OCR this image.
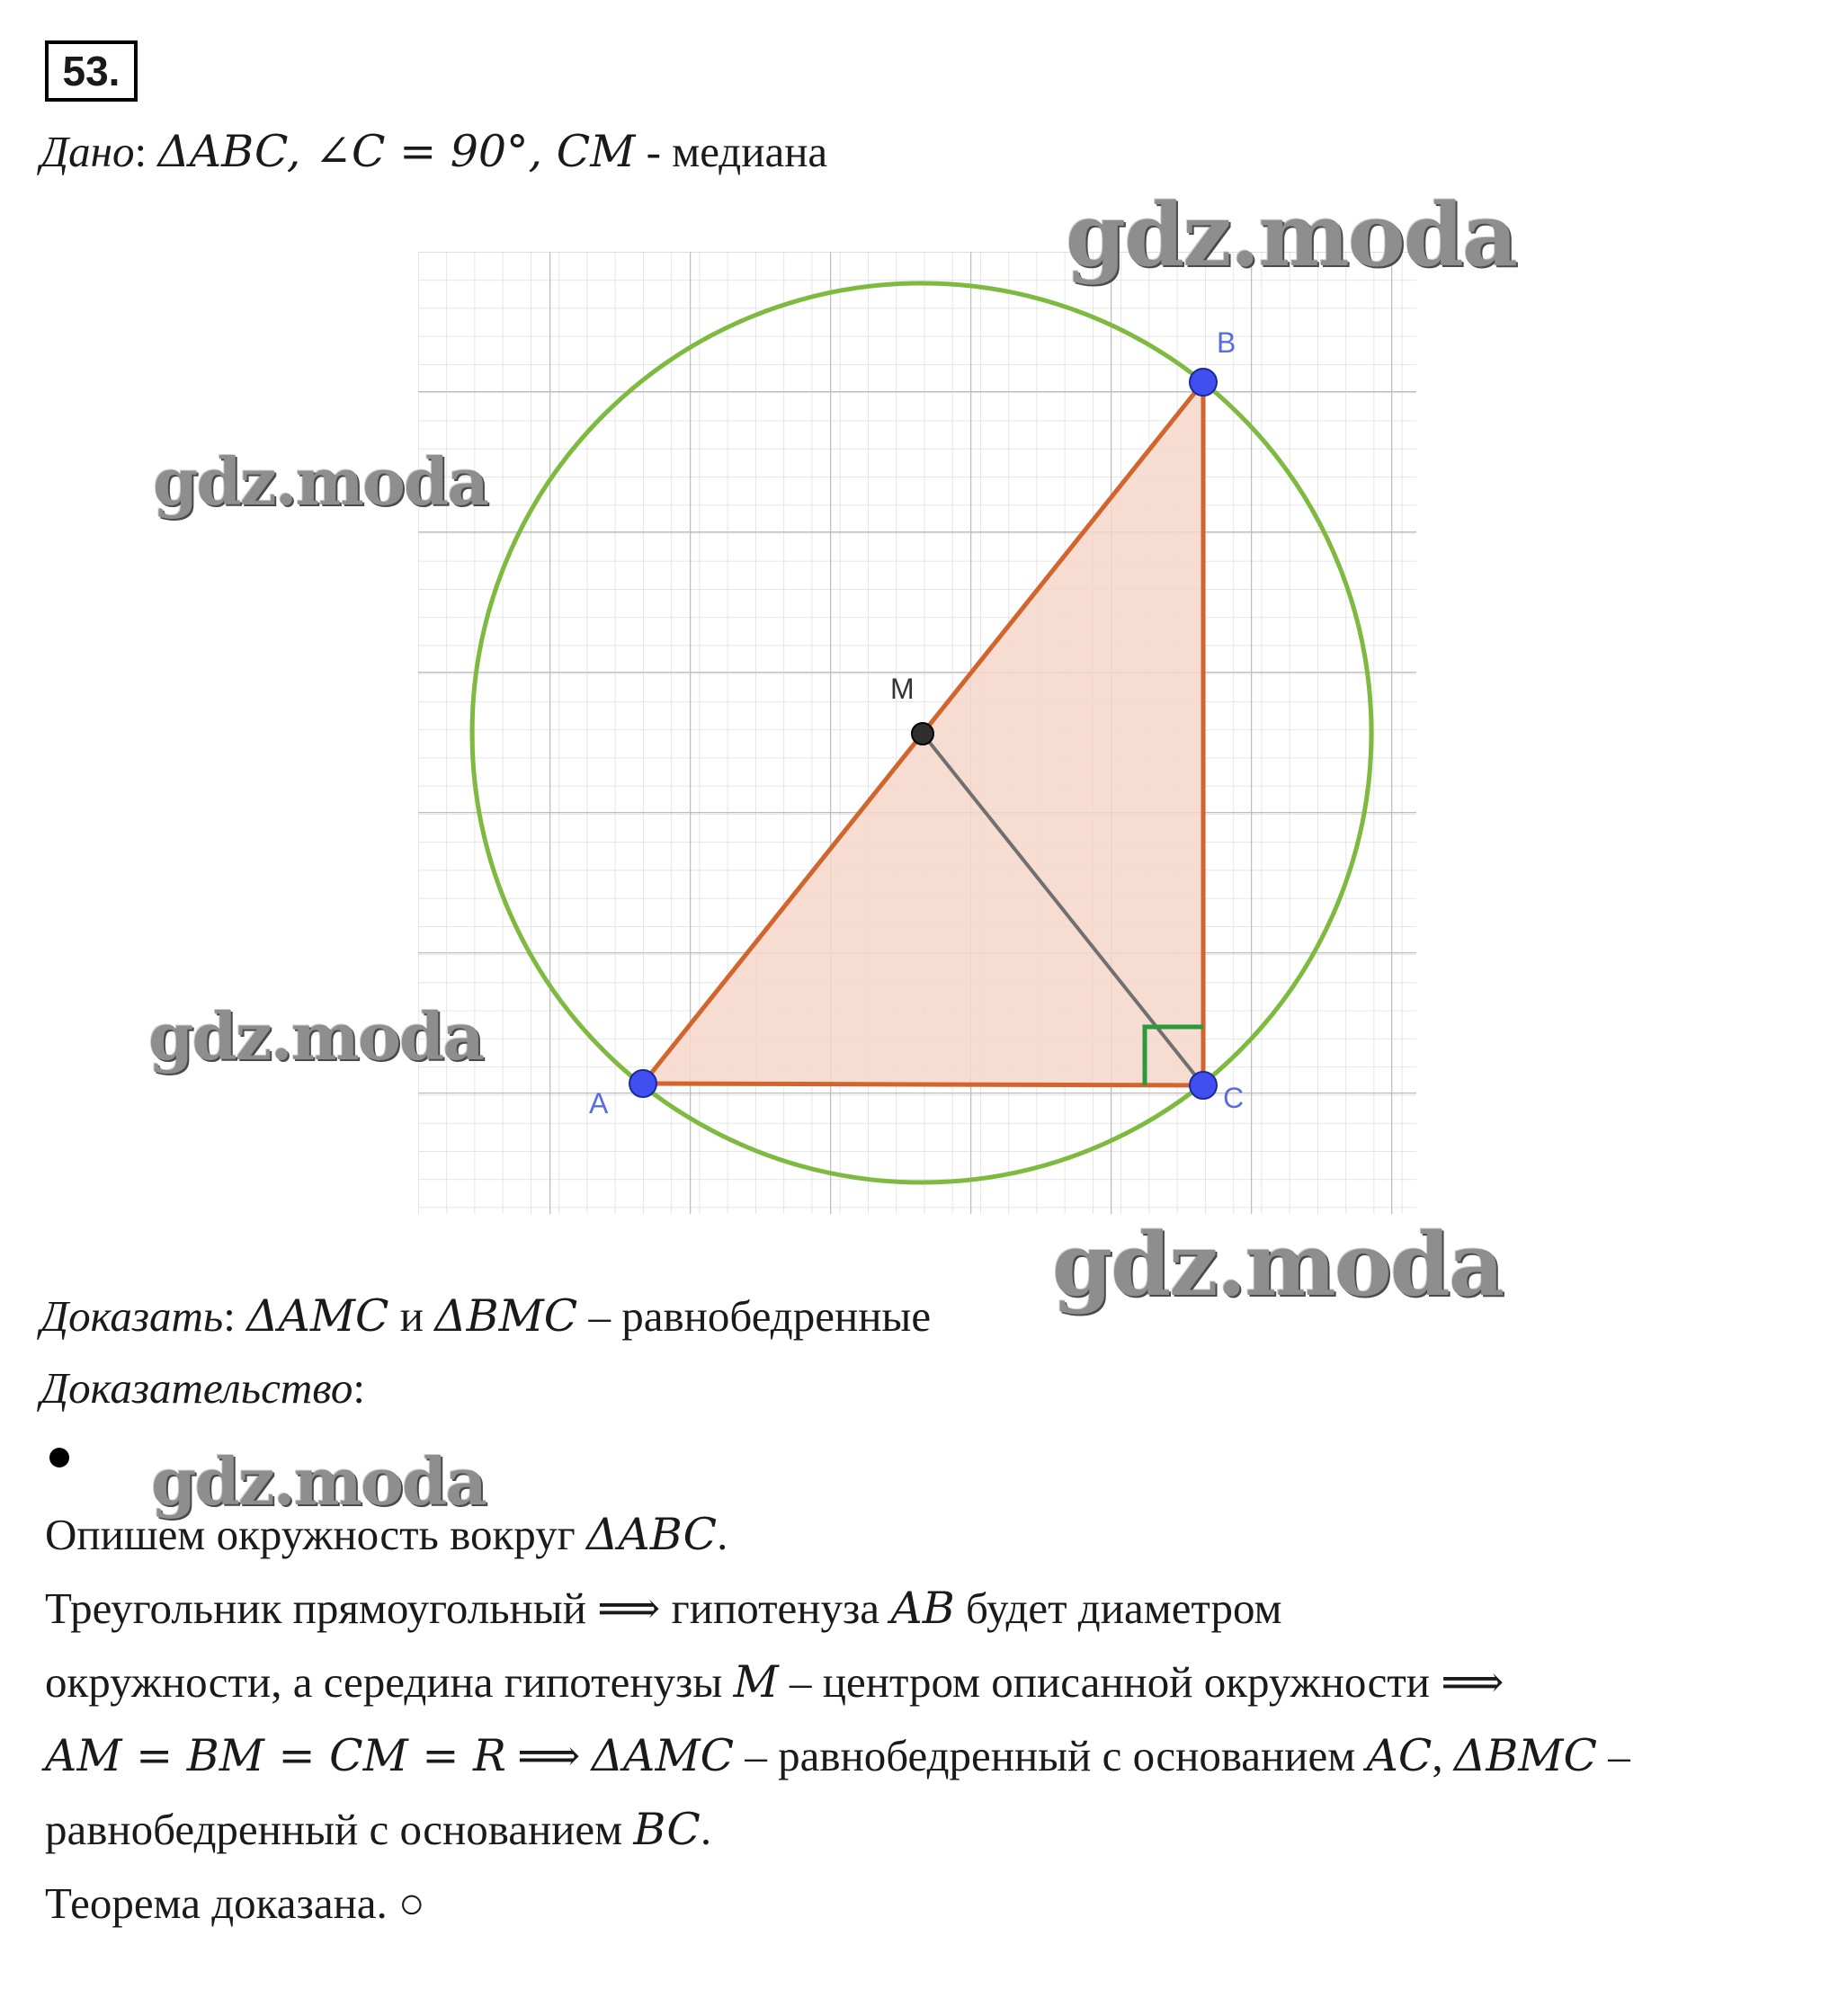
53.
Дано: ΔABC, ∠C = 90°, CM - медиана
A
B
C
M
gdz.moda
gdz.moda
gdz.moda
gdz.moda
gdz.moda
Доказать: ΔAMC и ΔBMC – равнобедренные
Доказательство:
Опишем окружность вокруг ΔABC.
Треугольник прямоугольный ⟹ гипотенуза AB будет диаметром
окружности, а середина гипотенузы M – центром описанной окружности ⟹
AM = BM = CM = R ⟹ ΔAMC – равнобедренный с основанием AC, ΔBMC –
равнобедренный с основанием BC.
Теорема доказана. ○
